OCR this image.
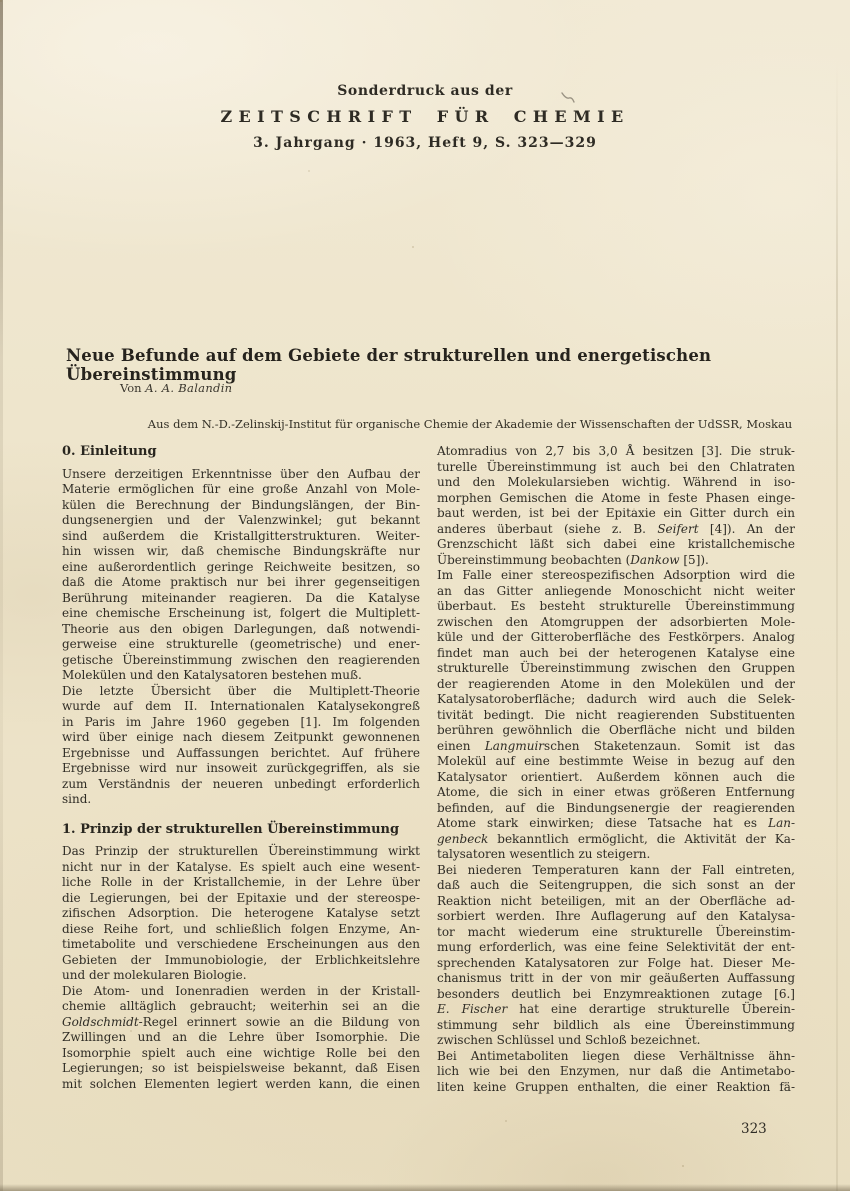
Sonderdruck aus der
ZEITSCHRIFT FÜR CHEMIE
3. Jahrgang · 1963, Heft 9, S. 323—329
Neue Befunde auf dem Gebiete der strukturellen und energetischen Übereinstimmung
Von A. A. Balandin
Aus dem N.-D.-Zelinskij-Institut für organische Chemie der Akademie der Wissenschaften der UdSSR, Moskau
0. Einleitung
Unsere derzeitigen Erkenntnisse über den Aufbau der
Materie ermöglichen für eine große Anzahl von Mole-
külen die Berechnung der Bindungslängen, der Bin-
dungsenergien und der Valenzwinkel; gut bekannt
sind außerdem die Kristallgitterstrukturen. Weiter-
hin wissen wir, daß chemische Bindungskräfte nur
eine außerordentlich geringe Reichweite besitzen, so
daß die Atome praktisch nur bei ihrer gegenseitigen
Berührung miteinander reagieren. Da die Katalyse
eine chemische Erscheinung ist, folgert die Multiplett-
Theorie aus den obigen Darlegungen, daß notwendi-
gerweise eine strukturelle (geometrische) und ener-
getische Übereinstimmung zwischen den reagierenden
Molekülen und den Katalysatoren bestehen muß.
Die letzte Übersicht über die Multiplett-Theorie
wurde auf dem II. Internationalen Katalysekongreß
in Paris im Jahre 1960 gegeben [1]. Im folgenden
wird über einige nach diesem Zeitpunkt gewonnenen
Ergebnisse und Auffassungen berichtet. Auf frühere
Ergebnisse wird nur insoweit zurückgegriffen, als sie
zum Verständnis der neueren unbedingt erforderlich
sind.
1. Prinzip der strukturellen Übereinstimmung
Das Prinzip der strukturellen Übereinstimmung wirkt
nicht nur in der Katalyse. Es spielt auch eine wesent-
liche Rolle in der Kristallchemie, in der Lehre über
die Legierungen, bei der Epitaxie und der stereospe-
zifischen Adsorption. Die heterogene Katalyse setzt
diese Reihe fort, und schließlich folgen Enzyme, An-
timetabolite und verschiedene Erscheinungen aus den
Gebieten der Immunobiologie, der Erblichkeitslehre
und der molekularen Biologie.
Die Atom- und Ionenradien werden in der Kristall-
chemie alltäglich gebraucht; weiterhin sei an die
Goldschmidt-Regel erinnert sowie an die Bildung von
Zwillingen und an die Lehre über Isomorphie. Die
Isomorphie spielt auch eine wichtige Rolle bei den
Legierungen; so ist beispielsweise bekannt, daß Eisen
mit solchen Elementen legiert werden kann, die einen
Atomradius von 2,7 bis 3,0 Å besitzen [3]. Die struk-
turelle Übereinstimmung ist auch bei den Chlatraten
und den Molekularsieben wichtig. Während in iso-
morphen Gemischen die Atome in feste Phasen einge-
baut werden, ist bei der Epitaxie ein Gitter durch ein
anderes überbaut (siehe z. B. Seifert [4]). An der
Grenzschicht läßt sich dabei eine kristallchemische
Übereinstimmung beobachten (Dankow [5]).
Im Falle einer stereospezifischen Adsorption wird die
an das Gitter anliegende Monoschicht nicht weiter
überbaut. Es besteht strukturelle Übereinstimmung
zwischen den Atomgruppen der adsorbierten Mole-
küle und der Gitteroberfläche des Festkörpers. Analog
findet man auch bei der heterogenen Katalyse eine
strukturelle Übereinstimmung zwischen den Gruppen
der reagierenden Atome in den Molekülen und der
Katalysatoroberfläche; dadurch wird auch die Selek-
tivität bedingt. Die nicht reagierenden Substituenten
berühren gewöhnlich die Oberfläche nicht und bilden
einen Langmuirschen Staketenzaun. Somit ist das
Molekül auf eine bestimmte Weise in bezug auf den
Katalysator orientiert. Außerdem können auch die
Atome, die sich in einer etwas größeren Entfernung
befinden, auf die Bindungsenergie der reagierenden
Atome stark einwirken; diese Tatsache hat es Lan-
genbeck bekanntlich ermöglicht, die Aktivität der Ka-
talysatoren wesentlich zu steigern.
Bei niederen Temperaturen kann der Fall eintreten,
daß auch die Seitengruppen, die sich sonst an der
Reaktion nicht beteiligen, mit an der Oberfläche ad-
sorbiert werden. Ihre Auflagerung auf den Katalysa-
tor macht wiederum eine strukturelle Übereinstim-
mung erforderlich, was eine feine Selektivität der ent-
sprechenden Katalysatoren zur Folge hat. Dieser Me-
chanismus tritt in der von mir geäußerten Auffassung
besonders deutlich bei Enzymreaktionen zutage [6.]
E. Fischer hat eine derartige strukturelle Überein-
stimmung sehr bildlich als eine Übereinstimmung
zwischen Schlüssel und Schloß bezeichnet.
Bei Antimetaboliten liegen diese Verhältnisse ähn-
lich wie bei den Enzymen, nur daß die Antimetabo-
liten keine Gruppen enthalten, die einer Reaktion fä-
323
